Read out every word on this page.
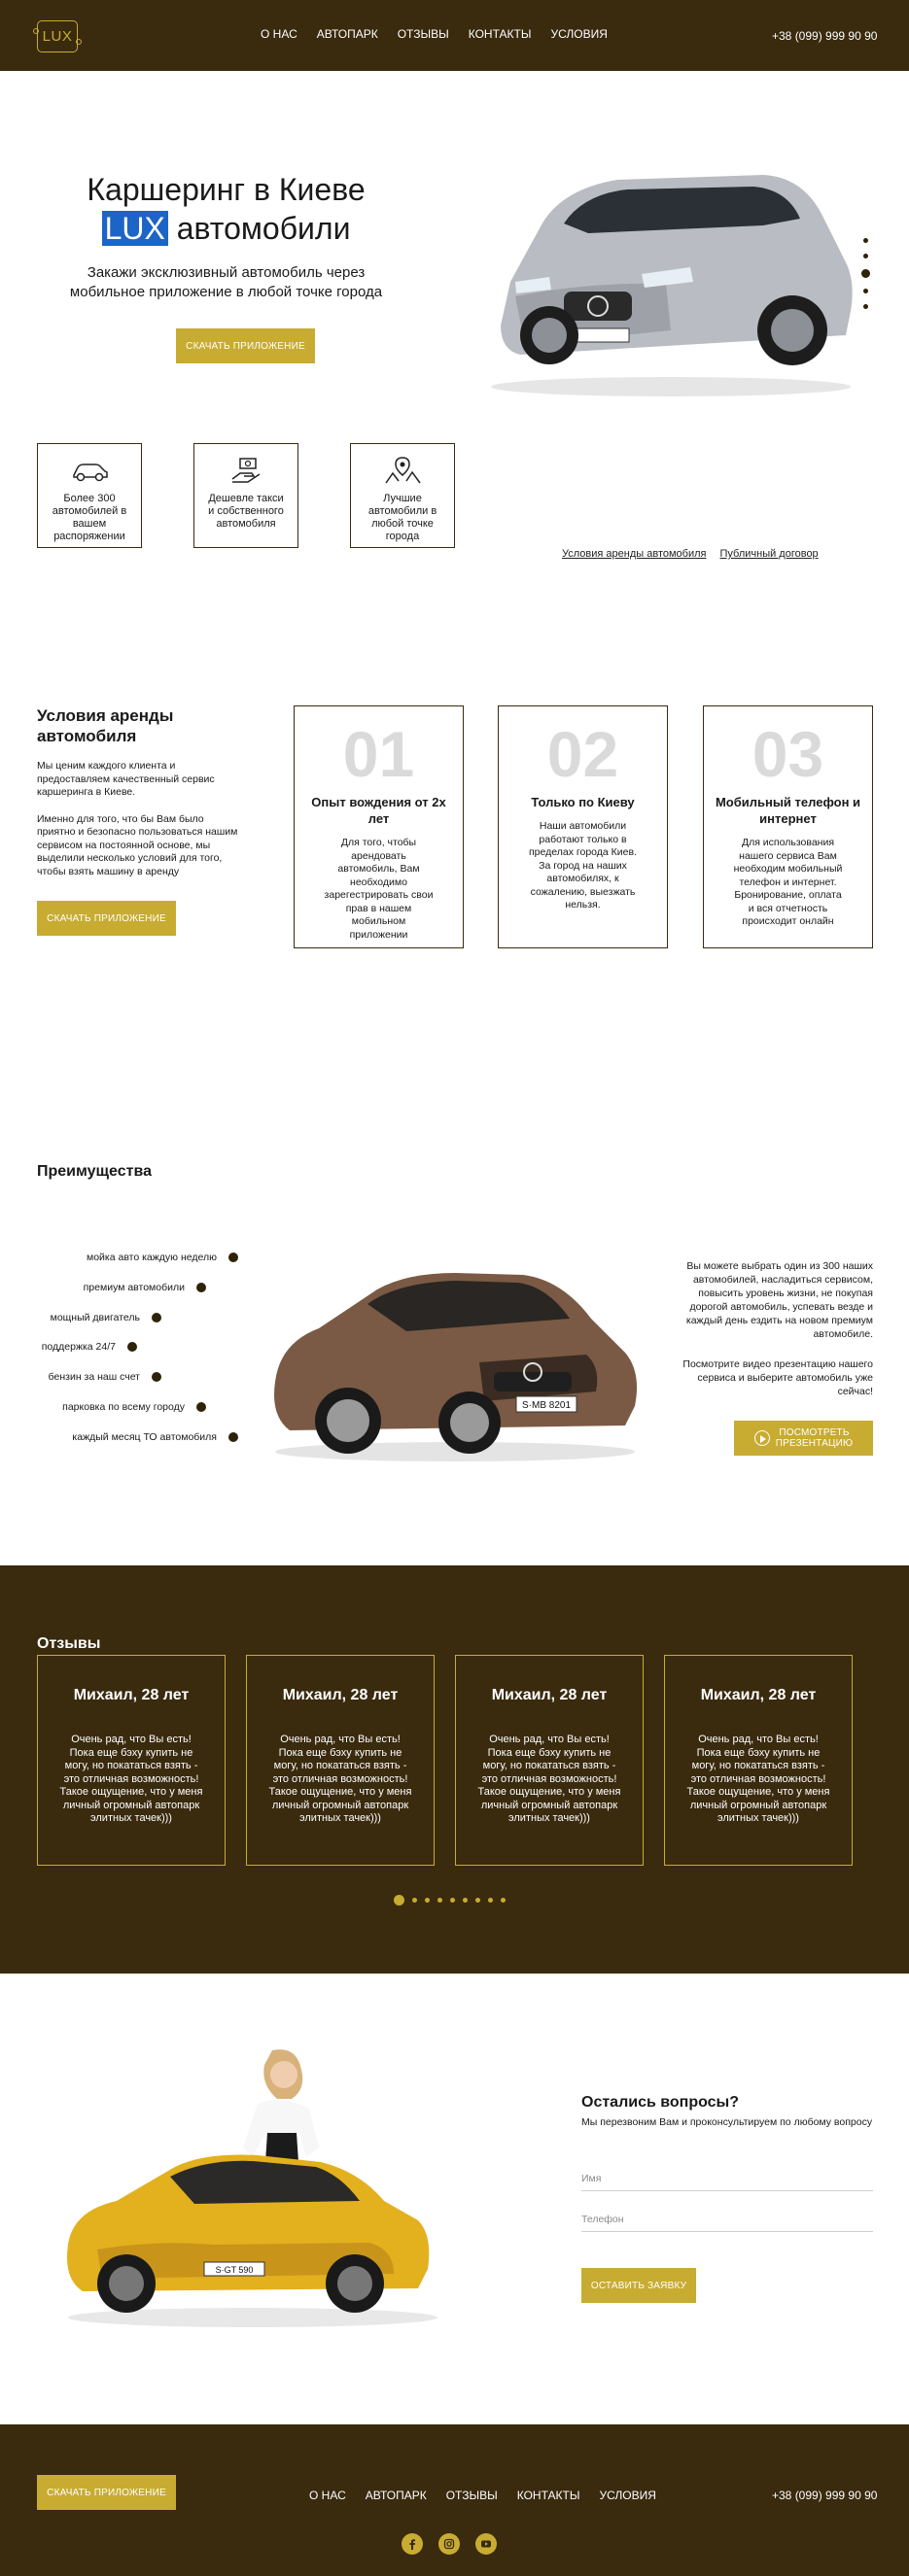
LUX	О НАС АВТОПАРК ОТЗЫВЫ КОНТАКТЫ УСЛОВИЯ	+38 (099) 999 90 90
Каршеринг в Киеве
LUX автомобили

Закажи эксклюзивный автомобиль через мобильное приложение в любой точке города

СКАЧАТЬ ПРИЛОЖЕНИЕ

Более 300 автомобилей в вашем распоряжении

Дешевле такси и собственного автомобиля

Лучшие автомобили в любой точке города

Условия аренды автомобиля Публичный договор
Условия аренды автомобиля

Мы ценим каждого клиента и предоставляем качественный сервис каршеринга в Киеве.

Именно для того, что бы Вам было приятно и безопасно пользоваться нашим сервисом на постоянной основе, мы выделили несколько условий для того, чтобы взять машину в аренду

СКАЧАТЬ ПРИЛОЖЕНИЕ
01
Опыт вождения от 2х лет

Для того, чтобы арендовать автомобиль, Вам необходимо зарегестрировать свои прав в нашем мобильном приложении

02
Только по Киеву

Наши автомобили работают только в пределах города Киев. За город на наших автомобилях, к сожалению, выезжать нельзя.

03
Мобильный телефон и интернет

Для использования нашего сервиса Вам необходим мобильный телефон и интернет. Бронирование, оплата и вся отчетность происходит онлайн

Преимущества
мойка авто каждую неделю
премиум автомобили
мощный двигатель
поддержка 24/7
бензин за наш счет
парковка по всему городу
каждый месяц ТО автомобиля
S·MB 8201

Вы можете выбрать один из 300 наших автомобилей, насладиться сервисом, повысить уровень жизни, не покупая дорогой автомобиль, успевать везде и каждый день ездить на новом премиум автомобиле.

Посмотрите видео презентацию нашего сервиса и выберите автомобиль уже сейчас!

ПОСМОТРЕТЬ
ПРЕЗЕНТАЦИЮ
Отзывы
Михаил, 28 лет

Очень рад, что Вы есть! Пока еще бэху купить не могу, но покататься взять - это отличная возможность! Такое ощущение, что у меня личный огромный автопарк элитных тачек)))

Михаил, 28 лет

Очень рад, что Вы есть! Пока еще бэху купить не могу, но покататься взять - это отличная возможность! Такое ощущение, что у меня личный огромный автопарк элитных тачек)))

Михаил, 28 лет

Очень рад, что Вы есть! Пока еще бэху купить не могу, но покататься взять - это отличная возможность! Такое ощущение, что у меня личный огромный автопарк элитных тачек)))

Михаил, 28 лет

Очень рад, что Вы есть! Пока еще бэху купить не могу, но покататься взять - это отличная возможность! Такое ощущение, что у меня личный огромный автопарк элитных тачек)))

S·GT 590
Остались вопросы?

Мы перезвоним Вам и проконсультируем по любому вопросу

Имя
Телефон
ОСТАВИТЬ ЗАЯВКУ
СКАЧАТЬ ПРИЛОЖЕНИЕ	О НАС АВТОПАРК ОТЗЫВЫ КОНТАКТЫ УСЛОВИЯ	+38 (099) 999 90 90
